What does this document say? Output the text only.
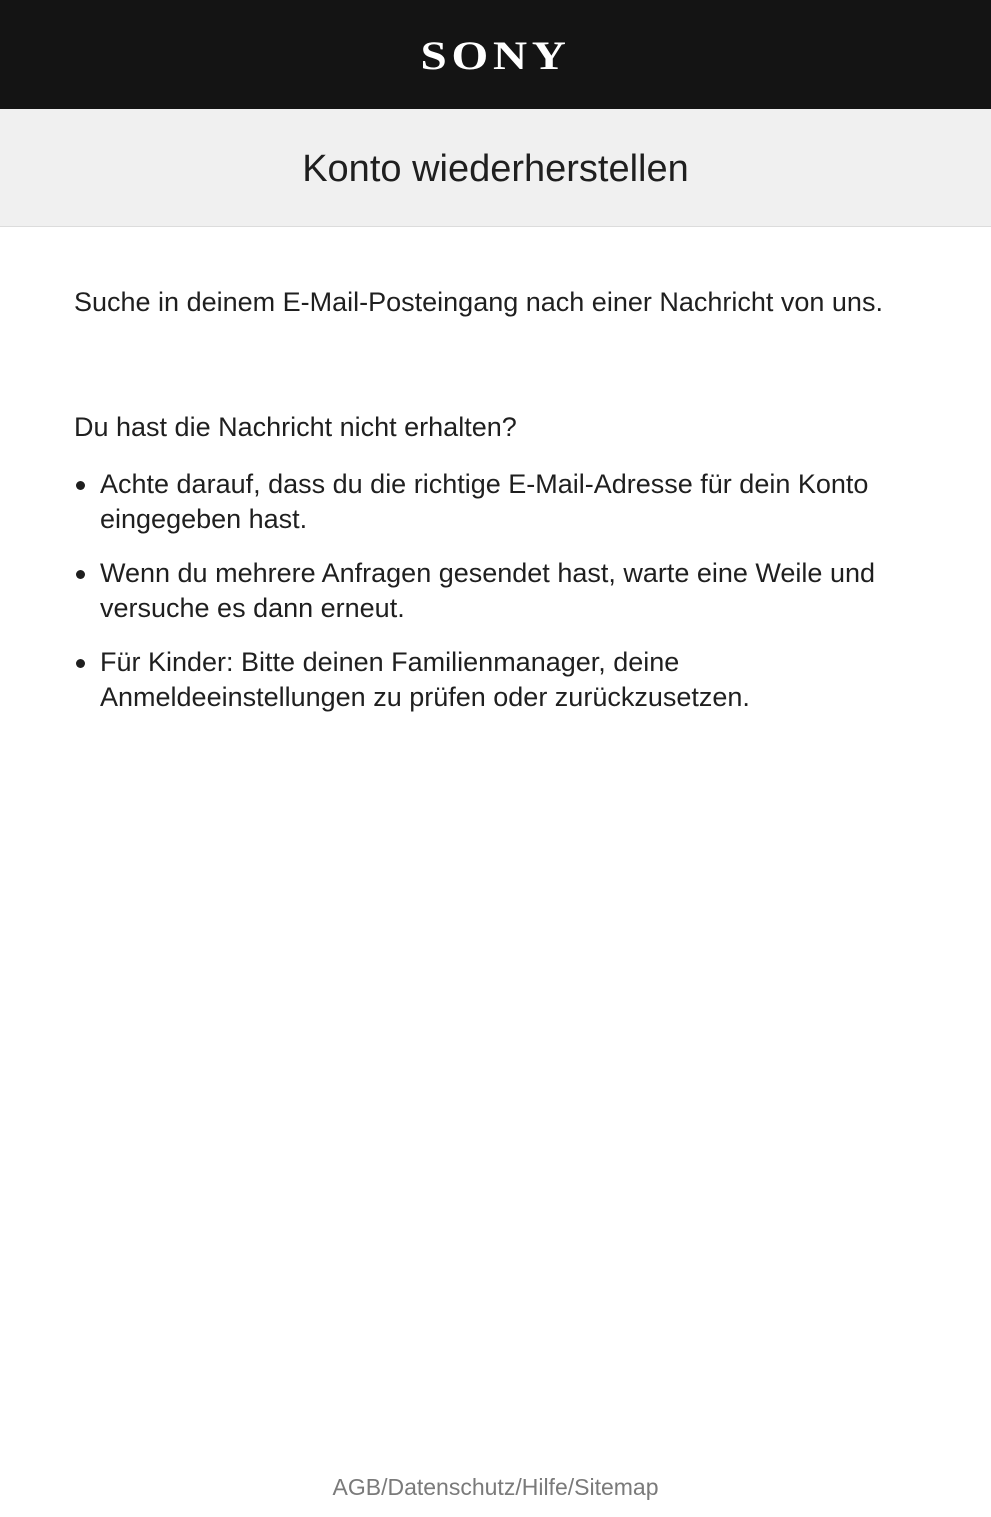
SONY
Konto wiederherstellen

Suche in deinem E-Mail-Posteingang nach einer Nachricht von uns.

Du hast die Nachricht nicht erhalten?

Achte darauf, dass du die richtige E-Mail-Adresse für dein Konto eingegeben hast.
Wenn du mehrere Anfragen gesendet hast, warte eine Weile und versuche es dann erneut.
Für Kinder: Bitte deinen Familienmanager, deine Anmeldeeinstellungen zu prüfen oder zurückzusetzen.
AGB/Datenschutz/Hilfe/Sitemap
